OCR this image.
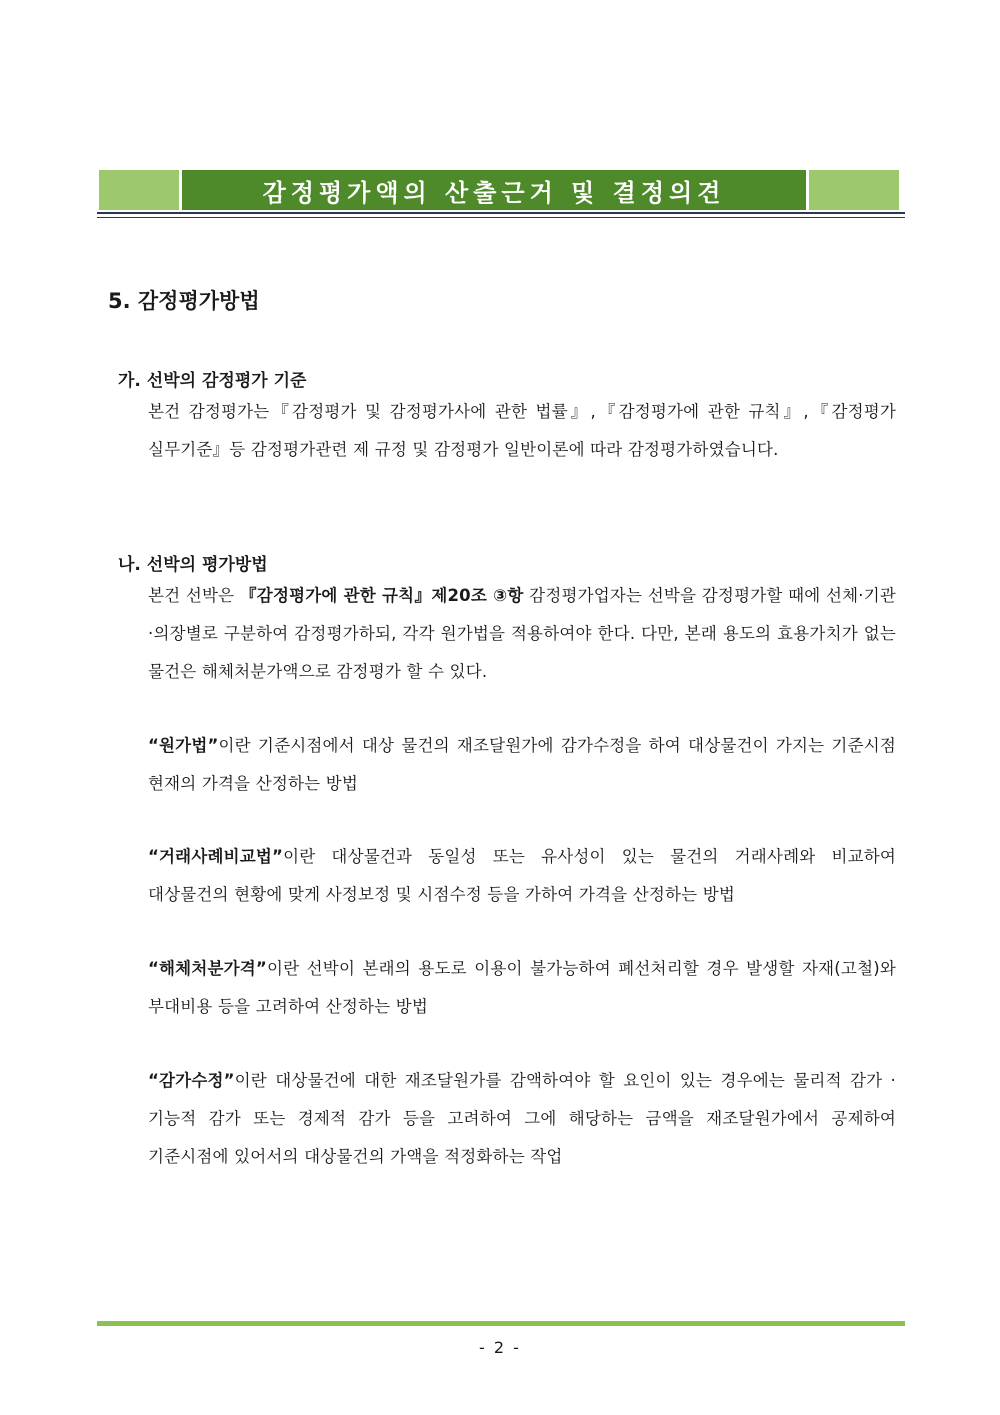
감정평가액의 산출근거 및 결정의견
5. 감정평가방법
가. 선박의 감정평가 기준
본건 감정평가는『감정평가 및 감정평가사에 관한 법률』,『감정평가에 관한 규칙』,『감정평가 실무기준』등 감정평가관련 제 규정 및 감정평가 일반이론에 따라 감정평가하였습니다.
나. 선박의 평가방법
본건 선박은 『감정평가에 관한 규칙』제20조 ③항 감정평가업자는 선박을 감정평가할 때에 선체·기관·의장별로 구분하여 감정평가하되, 각각 원가법을 적용하여야 한다. 다만, 본래 용도의 효용가치가 없는 물건은 해체처분가액으로 감정평가 할 수 있다.
“원가법”이란 기준시점에서 대상 물건의 재조달원가에 감가수정을 하여 대상물건이 가지는 기준시점 현재의 가격을 산정하는 방법
“거래사례비교법”이란 대상물건과 동일성 또는 유사성이 있는 물건의 거래사례와 비교하여 대상물건의 현황에 맞게 사정보정 및 시점수정 등을 가하여 가격을 산정하는 방법
“해체처분가격”이란 선박이 본래의 용도로 이용이 불가능하여 폐선처리할 경우 발생할 자재(고철)와 부대비용 등을 고려하여 산정하는 방법
“감가수정”이란 대상물건에 대한 재조달원가를 감액하여야 할 요인이 있는 경우에는 물리적 감가 · 기능적 감가 또는 경제적 감가 등을 고려하여 그에 해당하는 금액을 재조달원가에서 공제하여 기준시점에 있어서의 대상물건의 가액을 적정화하는 작업
- 2 -
